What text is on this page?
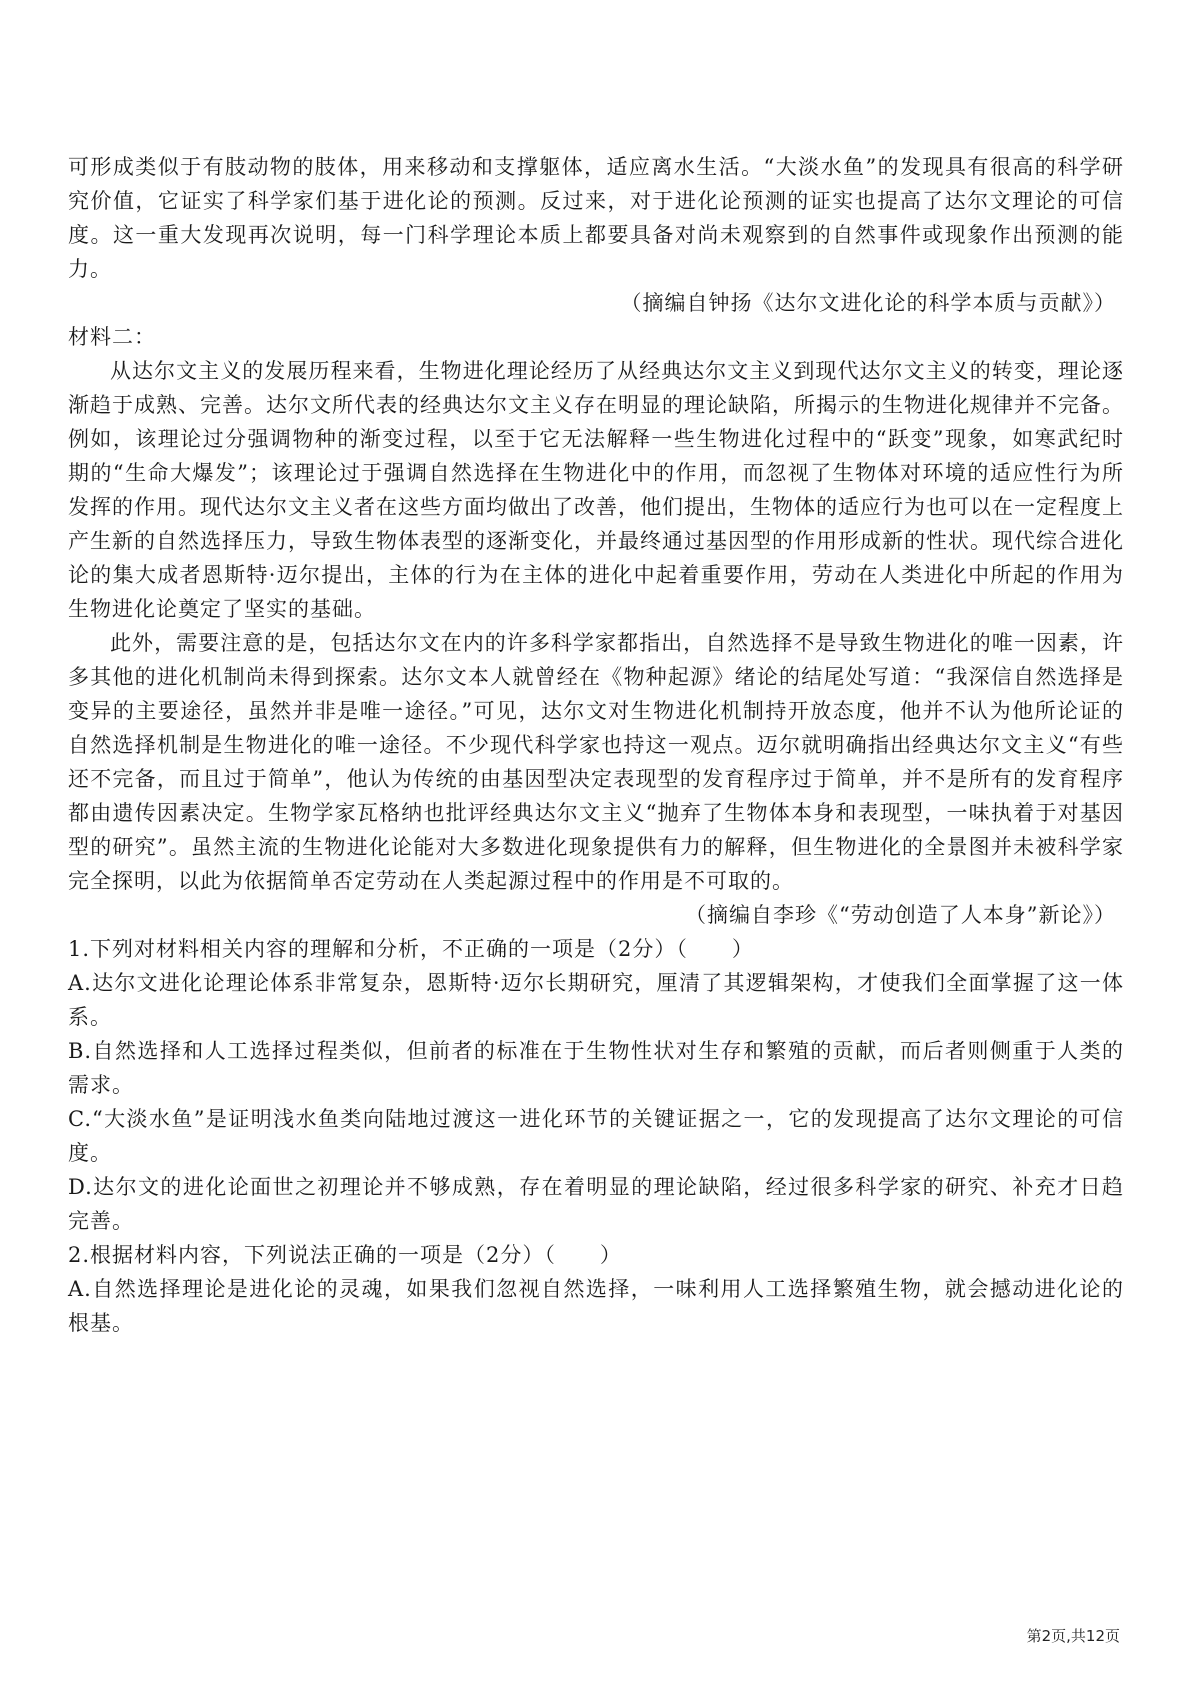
可形成类似于有肢动物的肢体，用来移动和支撑躯体，适应离水生活。“大淡水鱼”的发现具有很高的科学研究价值，它证实了科学家们基于进化论的预测。反过来，对于进化论预测的证实也提高了达尔文理论的可信度。这一重大发现再次说明，每一门科学理论本质上都要具备对尚未观察到的自然事件或现象作出预测的能力。

（摘编自钟扬《达尔文进化论的科学本质与贡献》）

材料二：

从达尔文主义的发展历程来看，生物进化理论经历了从经典达尔文主义到现代达尔文主义的转变，理论逐渐趋于成熟、完善。达尔文所代表的经典达尔文主义存在明显的理论缺陷，所揭示的生物进化规律并不完备。例如，该理论过分强调物种的渐变过程，以至于它无法解释一些生物进化过程中的“跃变”现象，如寒武纪时期的“生命大爆发”；该理论过于强调自然选择在生物进化中的作用，而忽视了生物体对环境的适应性行为所发挥的作用。现代达尔文主义者在这些方面均做出了改善，他们提出，生物体的适应行为也可以在一定程度上产生新的自然选择压力，导致生物体表型的逐渐变化，并最终通过基因型的作用形成新的性状。现代综合进化论的集大成者恩斯特·迈尔提出，主体的行为在主体的进化中起着重要作用，劳动在人类进化中所起的作用为生物进化论奠定了坚实的基础。

此外，需要注意的是，包括达尔文在内的许多科学家都指出，自然选择不是导致生物进化的唯一因素，许多其他的进化机制尚未得到探索。达尔文本人就曾经在《物种起源》绪论的结尾处写道：“我深信自然选择是变异的主要途径，虽然并非是唯一途径。”可见，达尔文对生物进化机制持开放态度，他并不认为他所论证的自然选择机制是生物进化的唯一途径。不少现代科学家也持这一观点。迈尔就明确指出经典达尔文主义“有些还不完备，而且过于简单”，他认为传统的由基因型决定表现型的发育程序过于简单，并不是所有的发育程序都由遗传因素决定。生物学家瓦格纳也批评经典达尔文主义“抛弃了生物体本身和表现型，一味执着于对基因型的研究”。虽然主流的生物进化论能对大多数进化现象提供有力的解释，但生物进化的全景图并未被科学家完全探明，以此为依据简单否定劳动在人类起源过程中的作用是不可取的。

（摘编自李珍《“劳动创造了人本身”新论》）

1.下列对材料相关内容的理解和分析，不正确的一项是（2分）（　　）

A.达尔文进化论理论体系非常复杂，恩斯特·迈尔长期研究，厘清了其逻辑架构，才使我们全面掌握了这一体系。

B.自然选择和人工选择过程类似，但前者的标准在于生物性状对生存和繁殖的贡献，而后者则侧重于人类的需求。

C.“大淡水鱼”是证明浅水鱼类向陆地过渡这一进化环节的关键证据之一，它的发现提高了达尔文理论的可信度。

D.达尔文的进化论面世之初理论并不够成熟，存在着明显的理论缺陷，经过很多科学家的研究、补充才日趋完善。

2.根据材料内容，下列说法正确的一项是（2分）（　　）

A.自然选择理论是进化论的灵魂，如果我们忽视自然选择，一味利用人工选择繁殖生物，就会撼动进化论的根基。

第2页,共12页
